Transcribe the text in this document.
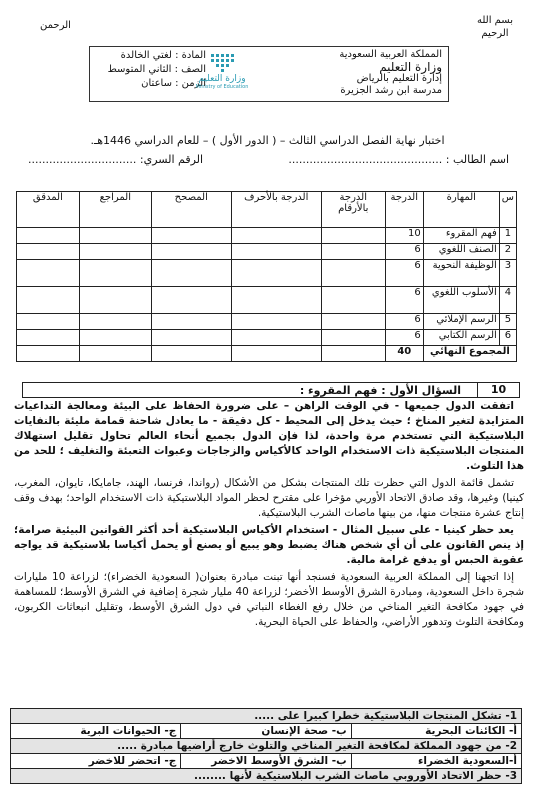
بسم الله
الرحيم
الرحمن
المملكة العربية السعودية
وزارة التعليم
إدارة التعليم بالرياض
مدرسة ابن رشد الجزيرة
المادة : لغتي الخالدة
الصف : الثاني المتوسط
الزمن : ساعتان
وزارة التعليم
Ministry of Education
اختبار نهاية الفصل الدراسي الثالث – ( الدور الأول ) – للعام الدراسي 1446هـ.
اسم الطالب : ............................................
الرقم السري: ...............................
س	المهارة	الدرجة	الدرجة بالأرقام	الدرجة بالأحرف	المصحح	المراجع	المدقق
1	فهم المقروء	10					
2	الصنف اللغوي	6					
3	الوظيفة النحوية	6					
4	الأسلوب اللغوي	6					
5	الرسم الإملائي	6					
6	الرسم الكتابي	6					
المجموع النهائي		40					
10
السؤال الأول : فهم المقروء :

اتفقت الدول جميعها - في الوقت الراهن – على ضرورة الحفاظ على البيئة ومعالجة التداعيات المتزايدة لتغير المناخ ؛ حيث يدخل إلى المحيط - كل دقيقة - ما يعادل شاحنة قمامة مليئة بالنفايات البلاستيكية التي تستخدم مرة واحدة، لذا فإن الدول بجميع أنحاء العالم تحاول تقليل استهلاك المنتجات البلاستيكية ذات الاستخدام الواحد كالأكياس والزجاجات وعبوات التعبئة والتغليف ؛ للحد من هذا التلوث.

تشمل قائمة الدول التي حظرت تلك المنتجات بشكل من الأشكال (رواندا، فرنسا، الهند، جامايكا، تايوان، المغرب، كينيا) وغيرها، وقد صادق الاتحاد الأوربي مؤخرا على مقترح لحظر المواد البلاستيكية ذات الاستخدام الواحد؛ بهدف وقف إنتاج عشرة منتجات منها، من بينها ماصات الشرب البلاستيكية.

يعد حظر كينيا - على سبيل المثال - استخدام الأكياس البلاستيكية أحد أكثر القوانين البيئية صرامة؛ إذ ينص القانون على أن أي شخص هناك يضبط وهو يبيع أو يصنع أو يحمل أكياسا بلاستيكية قد يواجه عقوبة الحبس أو يدفع غرامة مالية.

إذا اتجهنا إلى المملكة العربية السعودية فسنجد أنها تبنت مبادرة بعنوان( السعودية الخضراء)؛ لزراعة 10 مليارات شجرة داخل السعودية، ومبادرة الشرق الأوسط الأخضر؛ لزراعة 40 مليار شجرة إضافية في الشرق الأوسط؛ للمساهمة في جهود مكافحة التغير المناخي من خلال رفع الغطاء النباتي في دول الشرق الأوسط، وتقليل انبعاثات الكربون، ومكافحة التلوث وتدهور الأراضي، والحفاظ على الحياة البحرية.

1- تشكل المنتجات البلاستيكية خطرا كبيرا على .....		
أ- الكائنات البحرية	ب- صحة الإنسان	ج- الحيوانات البرية
2- من جهود المملكة لمكافحة التغير المناخي والتلوث خارج أراضيها مبادرة .....		
أ-السعودية الخضراء	ب- الشرق الأوسط الاخضر	ج- اتحضر للاخضر
3- حظر الاتحاد الأوروبي ماصات الشرب البلاستيكية لأنها ........		
